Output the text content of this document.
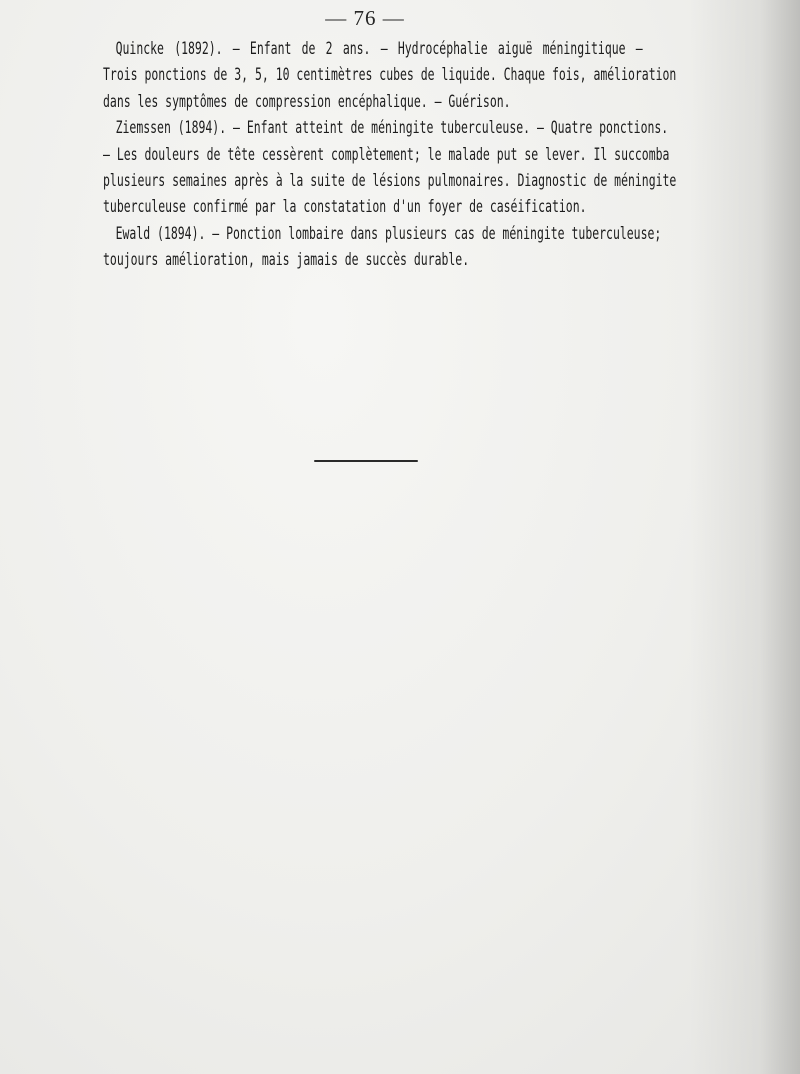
— 76 —
Quincke (1892). — Enfant de 2 ans. — Hydrocéphalie aiguë méningitique —
Trois ponctions de 3, 5, 10 centimètres cubes de liquide. Chaque fois, amélioration
dans les symptômes de compression encéphalique. — Guérison.
Ziemssen (1894). — Enfant atteint de méningite tuberculeuse. — Quatre ponctions.
— Les douleurs de tête cessèrent complètement; le malade put se lever. Il succomba
plusieurs semaines après à la suite de lésions pulmonaires. Diagnostic de méningite
tuberculeuse confirmé par la constatation d'un foyer de caséification.
Ewald (1894). — Ponction lombaire dans plusieurs cas de méningite tuberculeuse;
toujours amélioration, mais jamais de succès durable.
